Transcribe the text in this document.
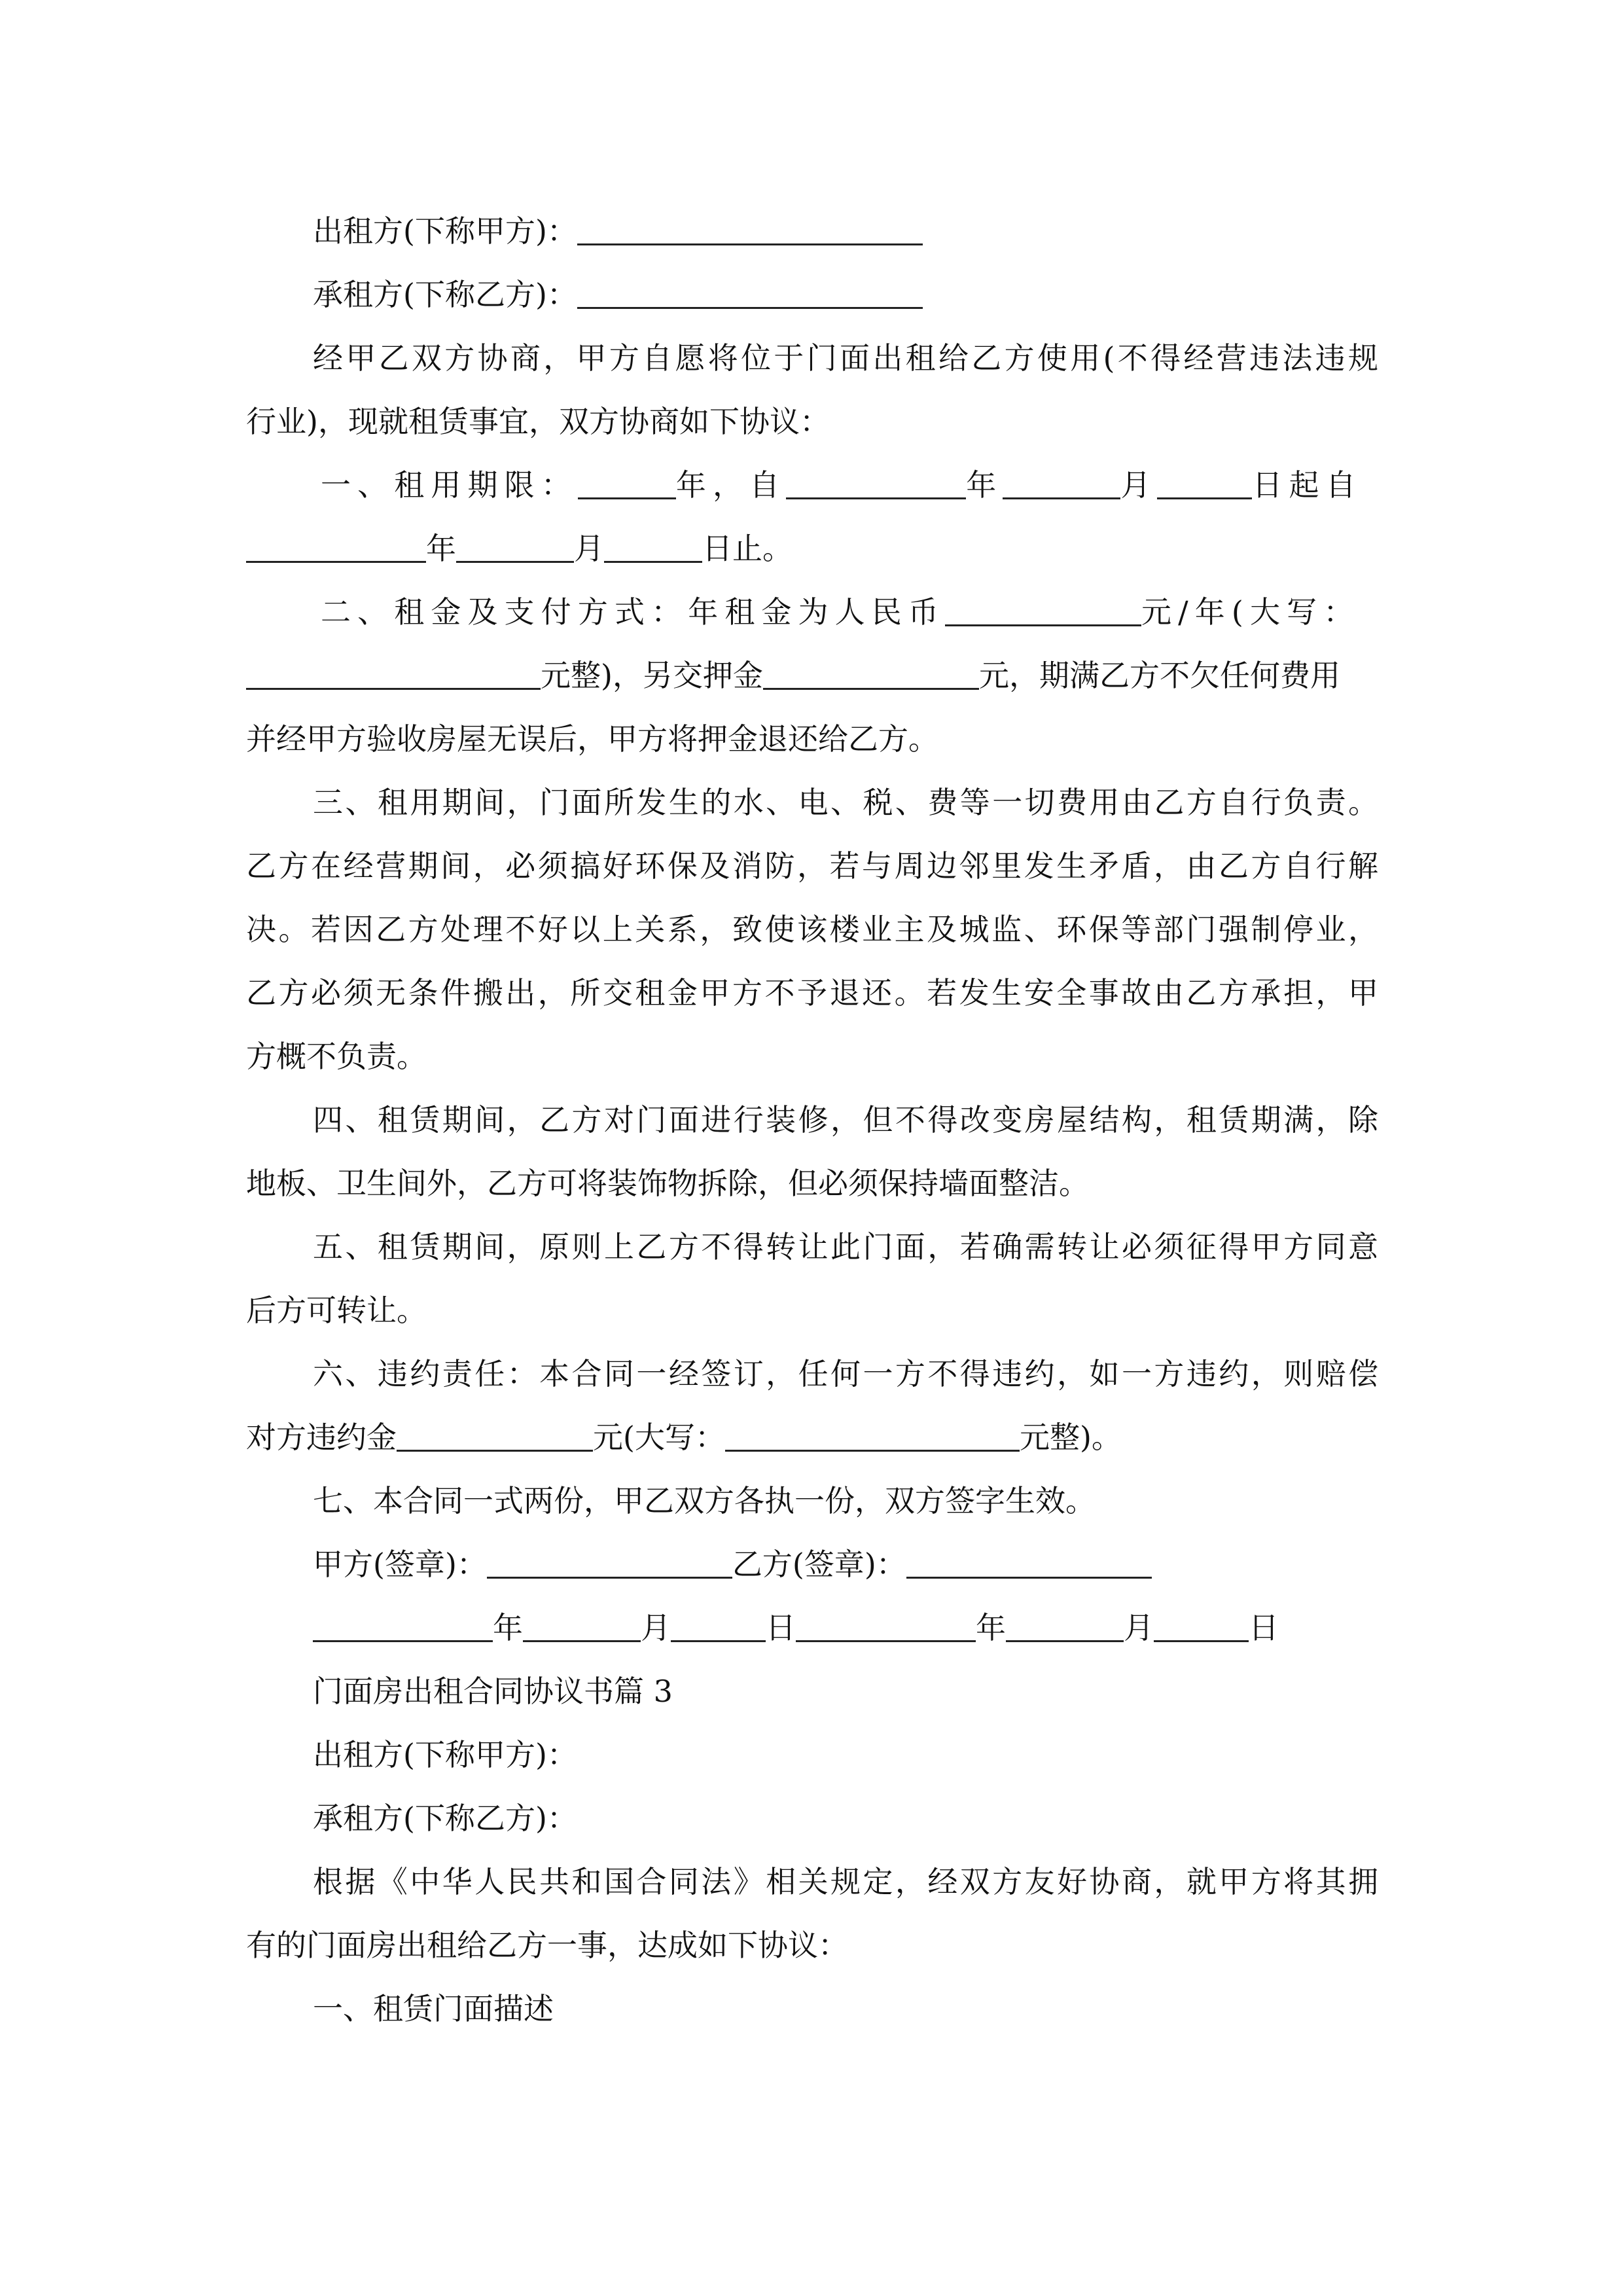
出租方(下称甲方)：
承租方(下称乙方)：
经甲乙双方协商，甲方自愿将位于门面出租给乙方使用(不得经营违法违规
行业)，现就租赁事宜，双方协商如下协议：
一、租用期限：	年，自	年	月	日起自
年	月	日止。
二、租金及支付方式：年租金为人民币	元/年(大写：
元整)，另交押金	元，期满乙方不欠任何费用
并经甲方验收房屋无误后，甲方将押金退还给乙方。
三、租用期间，门面所发生的水、电、税、费等一切费用由乙方自行负责。
乙方在经营期间，必须搞好环保及消防，若与周边邻里发生矛盾，由乙方自行解
决。若因乙方处理不好以上关系，致使该楼业主及城监、环保等部门强制停业，
乙方必须无条件搬出，所交租金甲方不予退还。若发生安全事故由乙方承担，甲
方概不负责。
四、租赁期间，乙方对门面进行装修，但不得改变房屋结构，租赁期满，除
地板、卫生间外，乙方可将装饰物拆除，但必须保持墙面整洁。
五、租赁期间，原则上乙方不得转让此门面，若确需转让必须征得甲方同意
后方可转让。
六、违约责任：本合同一经签订，任何一方不得违约，如一方违约，则赔偿
对方违约金	元(大写：	元整)。
七、本合同一式两份，甲乙双方各执一份，双方签字生效。
甲方(签章)：	乙方(签章)：
年	月	日	年	月	日
门面房出租合同协议书篇 3
出租方(下称甲方)：
承租方(下称乙方)：
根据《中华人民共和国合同法》相关规定，经双方友好协商，就甲方将其拥
有的门面房出租给乙方一事，达成如下协议：
一、租赁门面描述
